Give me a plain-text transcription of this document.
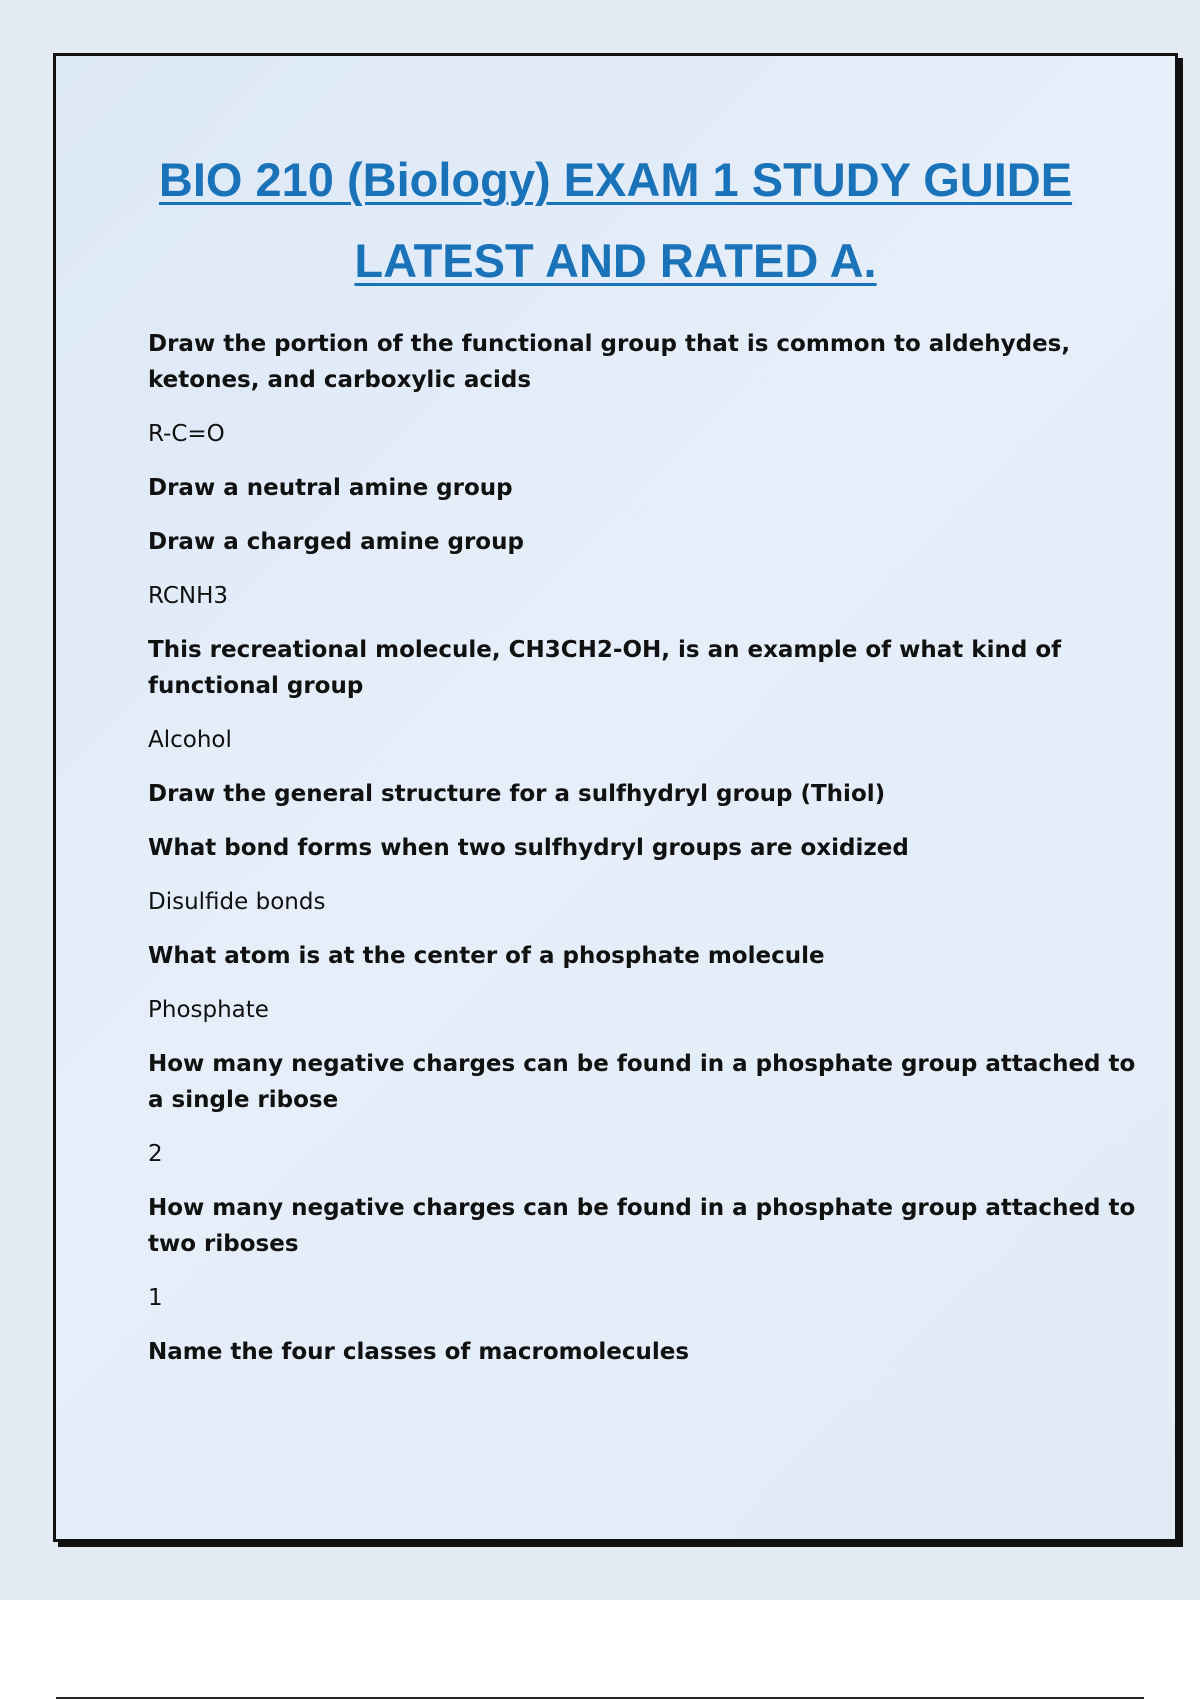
BIO 210 (Biology) EXAM 1 STUDY GUIDE
LATEST AND RATED A.

Draw the portion of the functional group that is common to aldehydes, ketones, and carboxylic acids

R-C=O

Draw a neutral amine group

Draw a charged amine group

RCNH3

This recreational molecule, CH3CH2-OH, is an example of what kind of functional group

Alcohol

Draw the general structure for a sulfhydryl group (Thiol)

What bond forms when two sulfhydryl groups are oxidized

Disulfide bonds

What atom is at the center of a phosphate molecule

Phosphate

How many negative charges can be found in a phosphate group attached to a single ribose

2

How many negative charges can be found in a phosphate group attached to two riboses

1

Name the four classes of macromolecules
